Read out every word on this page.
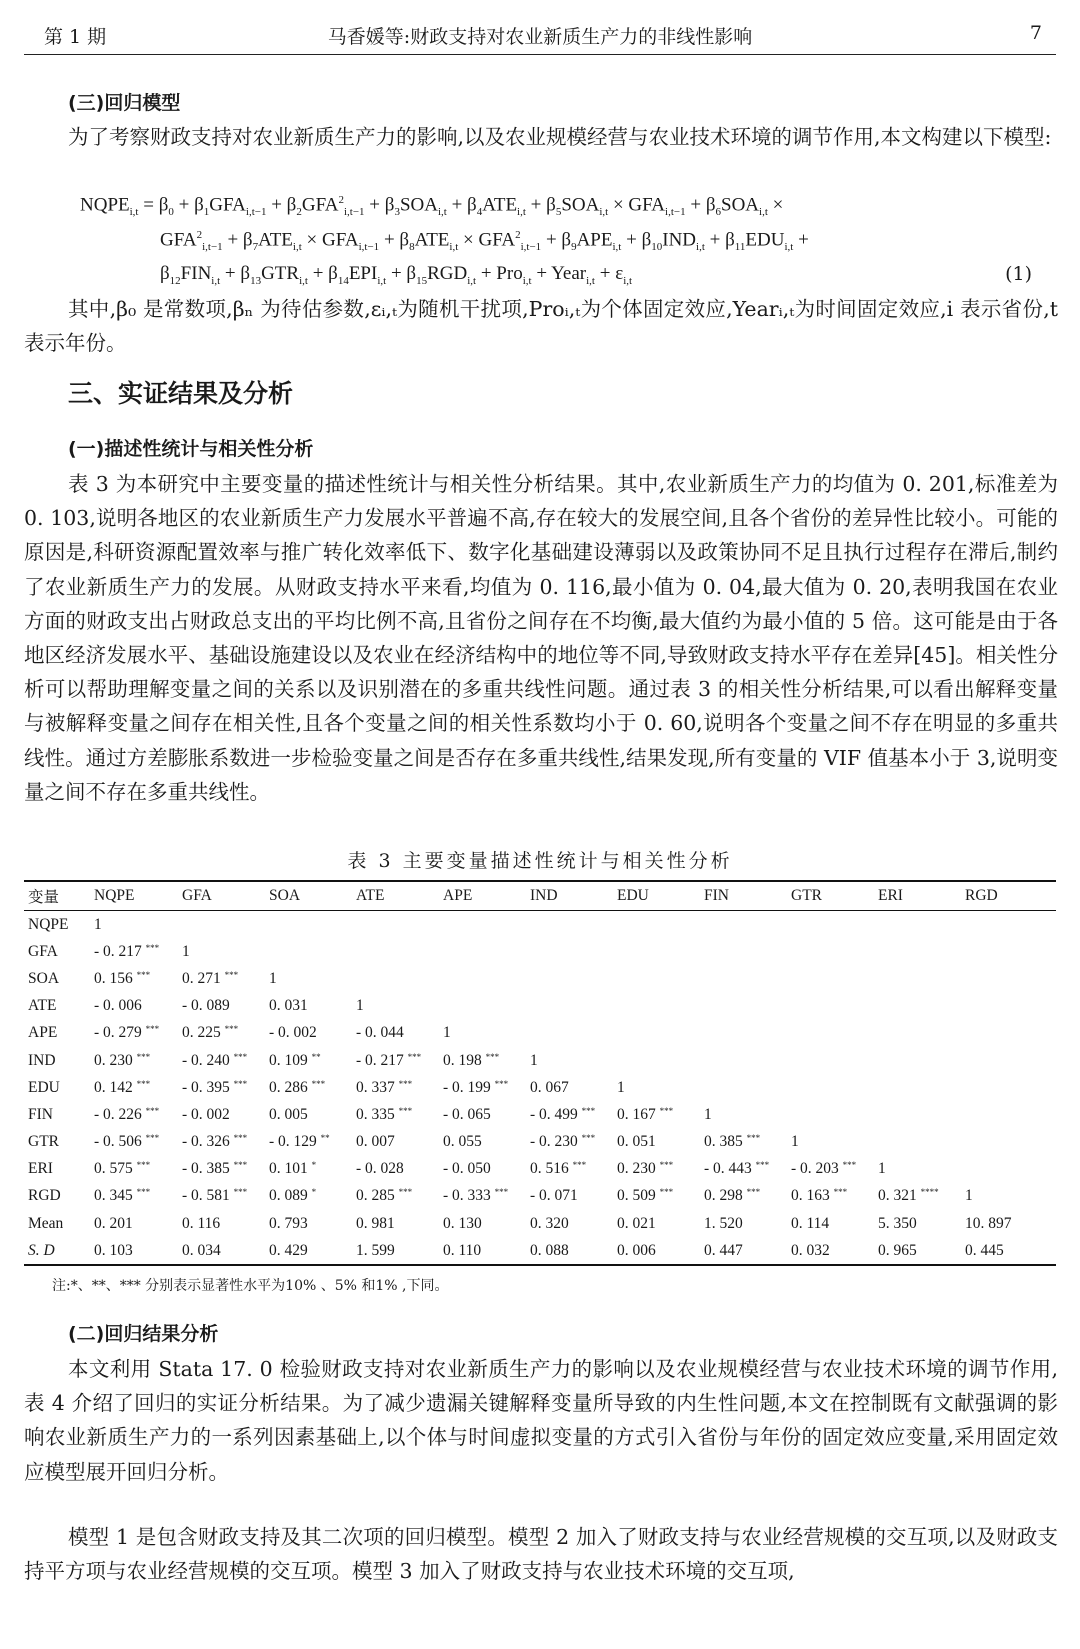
第 1 期	马香媛等:财政支持对农业新质生产力的非线性影响	7
(三)回归模型

为了考察财政支持对农业新质生产力的影响,以及农业规模经营与农业技术环境的调节作用,本文构建以下模型:

$NQPE_{i,t} = \beta_0 + \beta_1GFA_{i,t-1} + \beta_2GFA^2_{i,t-1} + \beta_3SOA_{i,t} + \beta_4ATE_{i,t} + \beta_5SOA_{i,t} \times GFA_{i,t-1} + \beta_6SOA_{i,t}$ ×
$GFA^2_{i,t-1} + \beta_7ATE_{i,t} \times GFA_{i,t-1} + \beta_8ATE_{i,t} \times GFA^2_{i,t-1} + \beta_9APE_{i,t} + \beta_{10}IND_{i,t} + \beta_{11}EDU_{i,t}$ +
$\beta_{12}FIN_{i,t} + \beta_{13}GTR_{i,t} + \beta_{14}EPI_{i,t} + \beta_{15}RGD_{i,t} + Pro_{i,t}$ + Year$_{i,t}$ + $\varepsilon_{i,t}$	(1)

其中,β₀ 是常数项,βₙ 为待估参数,εᵢ,ₜ为随机干扰项,Proᵢ,ₜ为个体固定效应,Yearᵢ,ₜ为时间固定效应,i 表示省份,t 表示年份。

三、实证结果及分析
(一)描述性统计与相关性分析

表 3 为本研究中主要变量的描述性统计与相关性分析结果。其中,农业新质生产力的均值为 0. 201,标准差为 0. 103,说明各地区的农业新质生产力发展水平普遍不高,存在较大的发展空间,且各个省份的差异性比较小。可能的原因是,科研资源配置效率与推广转化效率低下、数字化基础建设薄弱以及政策协同不足且执行过程存在滞后,制约了农业新质生产力的发展。从财政支持水平来看,均值为 0. 116,最小值为 0. 04,最大值为 0. 20,表明我国在农业方面的财政支出占财政总支出的平均比例不高,且省份之间存在不均衡,最大值约为最小值的 5 倍。这可能是由于各地区经济发展水平、基础设施建设以及农业在经济结构中的地位等不同,导致财政支持水平存在差异[45]。相关性分析可以帮助理解变量之间的关系以及识别潜在的多重共线性问题。通过表 3 的相关性分析结果,可以看出解释变量与被解释变量之间存在相关性,且各个变量之间的相关性系数均小于 0. 60,说明各个变量之间不存在明显的多重共线性。通过方差膨胀系数进一步检验变量之间是否存在多重共线性,结果发现,所有变量的 VIF 值基本小于 3,说明变量之间不存在多重共线性。

表 3 主要变量描述性统计与相关性分析
变量	NQPE	GFA	SOA	ATE	APE	IND	EDU	FIN	GTR	ERI	RGD
NQPE	1										
GFA	- 0. 217 ***	1									
SOA	0. 156 ***	0. 271 ***	1								
ATE	- 0. 006	- 0. 089	0. 031	1							
APE	- 0. 279 ***	0. 225 ***	- 0. 002	- 0. 044	1						
IND	0. 230 ***	- 0. 240 ***	0. 109 **	- 0. 217 ***	0. 198 ***	1					
EDU	0. 142 ***	- 0. 395 ***	0. 286 ***	0. 337 ***	- 0. 199 ***	0. 067	1				
FIN	- 0. 226 ***	- 0. 002	0. 005	0. 335 ***	- 0. 065	- 0. 499 ***	0. 167 ***	1			
GTR	- 0. 506 ***	- 0. 326 ***	- 0. 129 **	0. 007	0. 055	- 0. 230 ***	0. 051	0. 385 ***	1		
ERI	0. 575 ***	- 0. 385 ***	0. 101 *	- 0. 028	- 0. 050	0. 516 ***	0. 230 ***	- 0. 443 ***	- 0. 203 ***	1	
RGD	0. 345 ***	- 0. 581 ***	0. 089 *	0. 285 ***	- 0. 333 ***	- 0. 071	0. 509 ***	0. 298 ***	0. 163 ***	0. 321 ****	1
Mean	0. 201	0. 116	0. 793	0. 981	0. 130	0. 320	0. 021	1. 520	0. 114	5. 350	10. 897
S. D	0. 103	0. 034	0. 429	1. 599	0. 110	0. 088	0. 006	0. 447	0. 032	0. 965	0. 445
注:*、**、*** 分别表示显著性水平为10% 、5% 和1% ,下同。
(二)回归结果分析

本文利用 Stata 17. 0 检验财政支持对农业新质生产力的影响以及农业规模经营与农业技术环境的调节作用,表 4 介绍了回归的实证分析结果。为了减少遗漏关键解释变量所导致的内生性问题,本文在控制既有文献强调的影响农业新质生产力的一系列因素基础上,以个体与时间虚拟变量的方式引入省份与年份的固定效应变量,采用固定效应模型展开回归分析。

模型 1 是包含财政支持及其二次项的回归模型。模型 2 加入了财政支持与农业经营规模的交互项,以及财政支持平方项与农业经营规模的交互项。模型 3 加入了财政支持与农业技术环境的交互项,
